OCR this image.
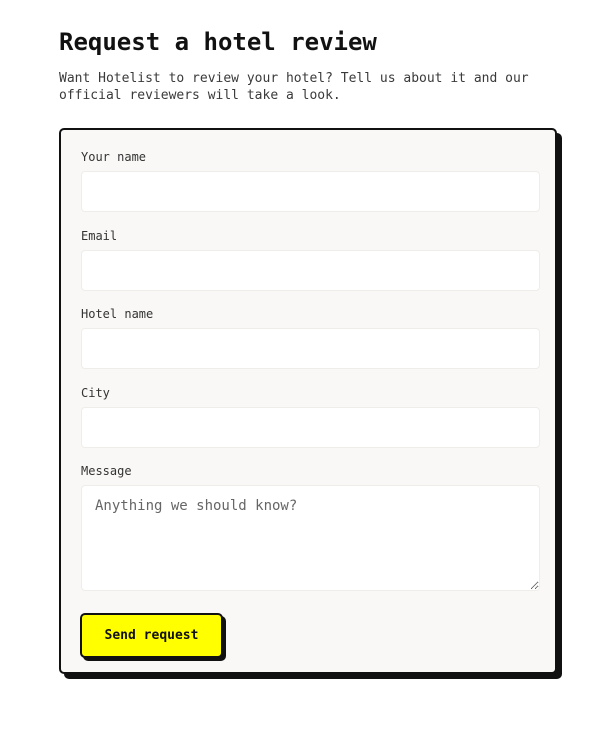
Request a hotel review

Want Hotelist to review your hotel? Tell us about it and our official reviewers will take a look.

Your name
Email
Hotel name
City
Message
Anything we should know?
Send request
